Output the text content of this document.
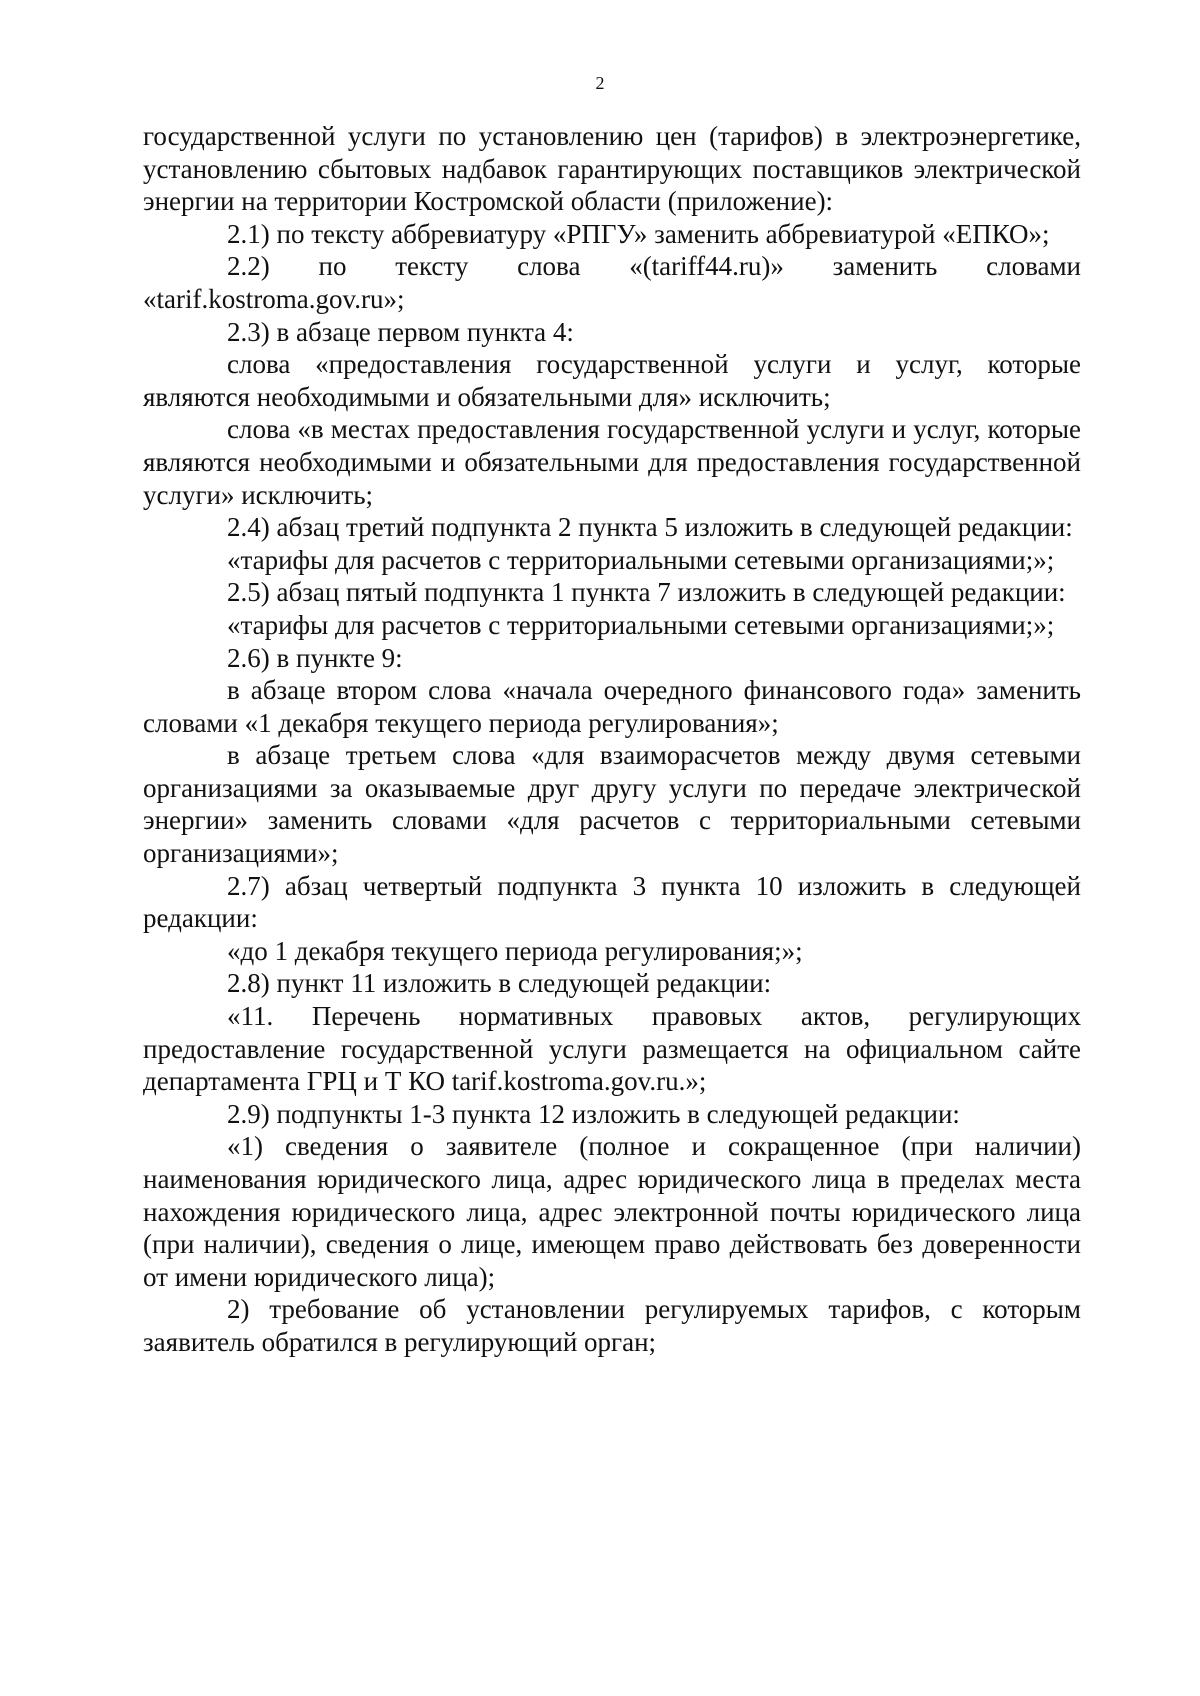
2

государственной услуги по установлению цен (тарифов) в электроэнергетике, установлению сбытовых надбавок гарантирующих поставщиков электрической энергии на территории Костромской области (приложение):

2.1) по тексту аббревиатуру «РПГУ» заменить аббревиатурой «ЕПКО»;

2.2) по тексту слова «(tariff44.ru)» заменить словами «tarif.kostroma.gov.ru»;

2.3) в абзаце первом пункта 4:

слова «предоставления государственной услуги и услуг, которые являются необходимыми и обязательными для» исключить;

слова «в местах предоставления государственной услуги и услуг, которые являются необходимыми и обязательными для предоставления государственной услуги» исключить;

2.4) абзац третий подпункта 2 пункта 5 изложить в следующей редакции:

«тарифы для расчетов с территориальными сетевыми организациями;»;

2.5) абзац пятый подпункта 1 пункта 7 изложить в следующей редакции:

«тарифы для расчетов с территориальными сетевыми организациями;»;

2.6) в пункте 9:

в абзаце втором слова «начала очередного финансового года» заменить словами «1 декабря текущего периода регулирования»;

в абзаце третьем слова «для взаиморасчетов между двумя сетевыми организациями за оказываемые друг другу услуги по передаче электрической энергии» заменить словами «для расчетов с территориальными сетевыми организациями»;

2.7) абзац четвертый подпункта 3 пункта 10 изложить в следующей редакции:

«до 1 декабря текущего периода регулирования;»;

2.8) пункт 11 изложить в следующей редакции:

«11. Перечень нормативных правовых актов, регулирующих предоставление государственной услуги размещается на официальном сайте департамента ГРЦ и Т КО tarif.kostroma.gov.ru.»;

2.9) подпункты 1-3 пункта 12 изложить в следующей редакции:

«1) сведения о заявителе (полное и сокращенное (при наличии) наименования юридического лица, адрес юридического лица в пределах места нахождения юридического лица, адрес электронной почты юридического лица (при наличии), сведения о лице, имеющем право действовать без доверенности от имени юридического лица);

2) требование об установлении регулируемых тарифов, с которым заявитель обратился в регулирующий орган;
